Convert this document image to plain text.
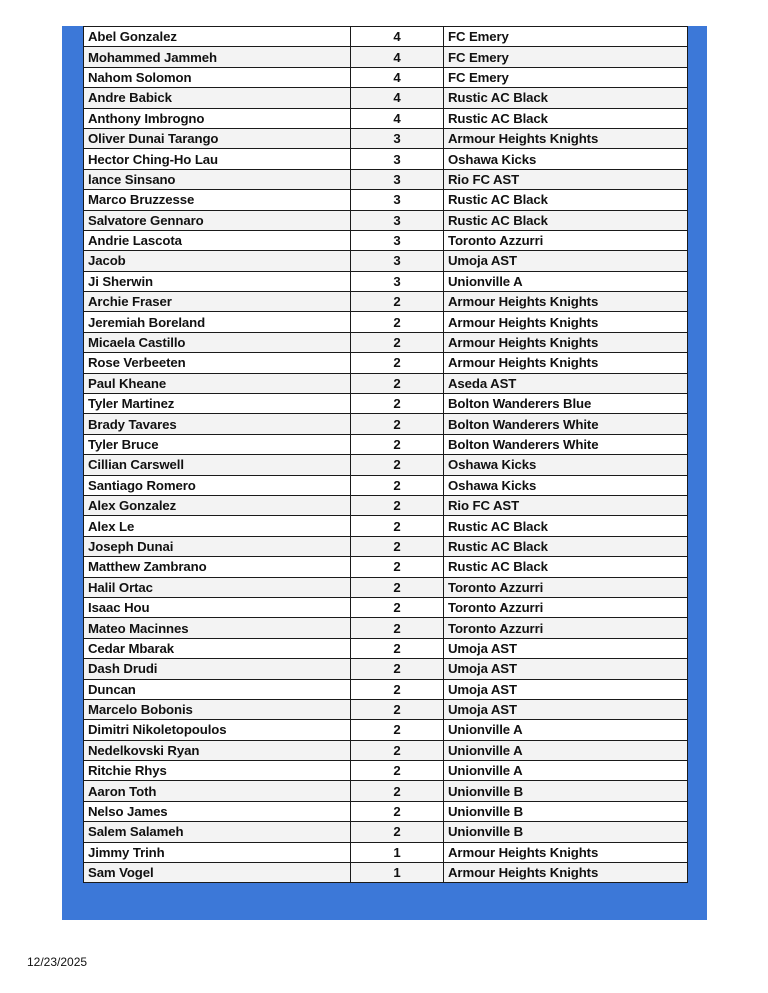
Abel Gonzalez	4	FC Emery
Mohammed Jammeh	4	FC Emery
Nahom Solomon	4	FC Emery
Andre Babick	4	Rustic AC Black
Anthony Imbrogno	4	Rustic AC Black
Oliver Dunai Tarango	3	Armour Heights Knights
Hector Ching-Ho Lau	3	Oshawa Kicks
lance Sinsano	3	Rio FC AST
Marco Bruzzesse	3	Rustic AC Black
Salvatore Gennaro	3	Rustic AC Black
Andrie Lascota	3	Toronto Azzurri
Jacob	3	Umoja AST
Ji Sherwin	3	Unionville A
Archie Fraser	2	Armour Heights Knights
Jeremiah Boreland	2	Armour Heights Knights
Micaela Castillo	2	Armour Heights Knights
Rose Verbeeten	2	Armour Heights Knights
Paul Kheane	2	Aseda AST
Tyler Martinez	2	Bolton Wanderers Blue
Brady Tavares	2	Bolton Wanderers White
Tyler Bruce	2	Bolton Wanderers White
Cillian Carswell	2	Oshawa Kicks
Santiago Romero	2	Oshawa Kicks
Alex Gonzalez	2	Rio FC AST
Alex Le	2	Rustic AC Black
Joseph Dunai	2	Rustic AC Black
Matthew Zambrano	2	Rustic AC Black
Halil Ortac	2	Toronto Azzurri
Isaac Hou	2	Toronto Azzurri
Mateo Macinnes	2	Toronto Azzurri
Cedar Mbarak	2	Umoja AST
Dash Drudi	2	Umoja AST
Duncan	2	Umoja AST
Marcelo Bobonis	2	Umoja AST
Dimitri Nikoletopoulos	2	Unionville A
Nedelkovski Ryan	2	Unionville A
Ritchie Rhys	2	Unionville A
Aaron Toth	2	Unionville B
Nelso James	2	Unionville B
Salem Salameh	2	Unionville B
Jimmy Trinh	1	Armour Heights Knights
Sam Vogel	1	Armour Heights Knights
12/23/2025
